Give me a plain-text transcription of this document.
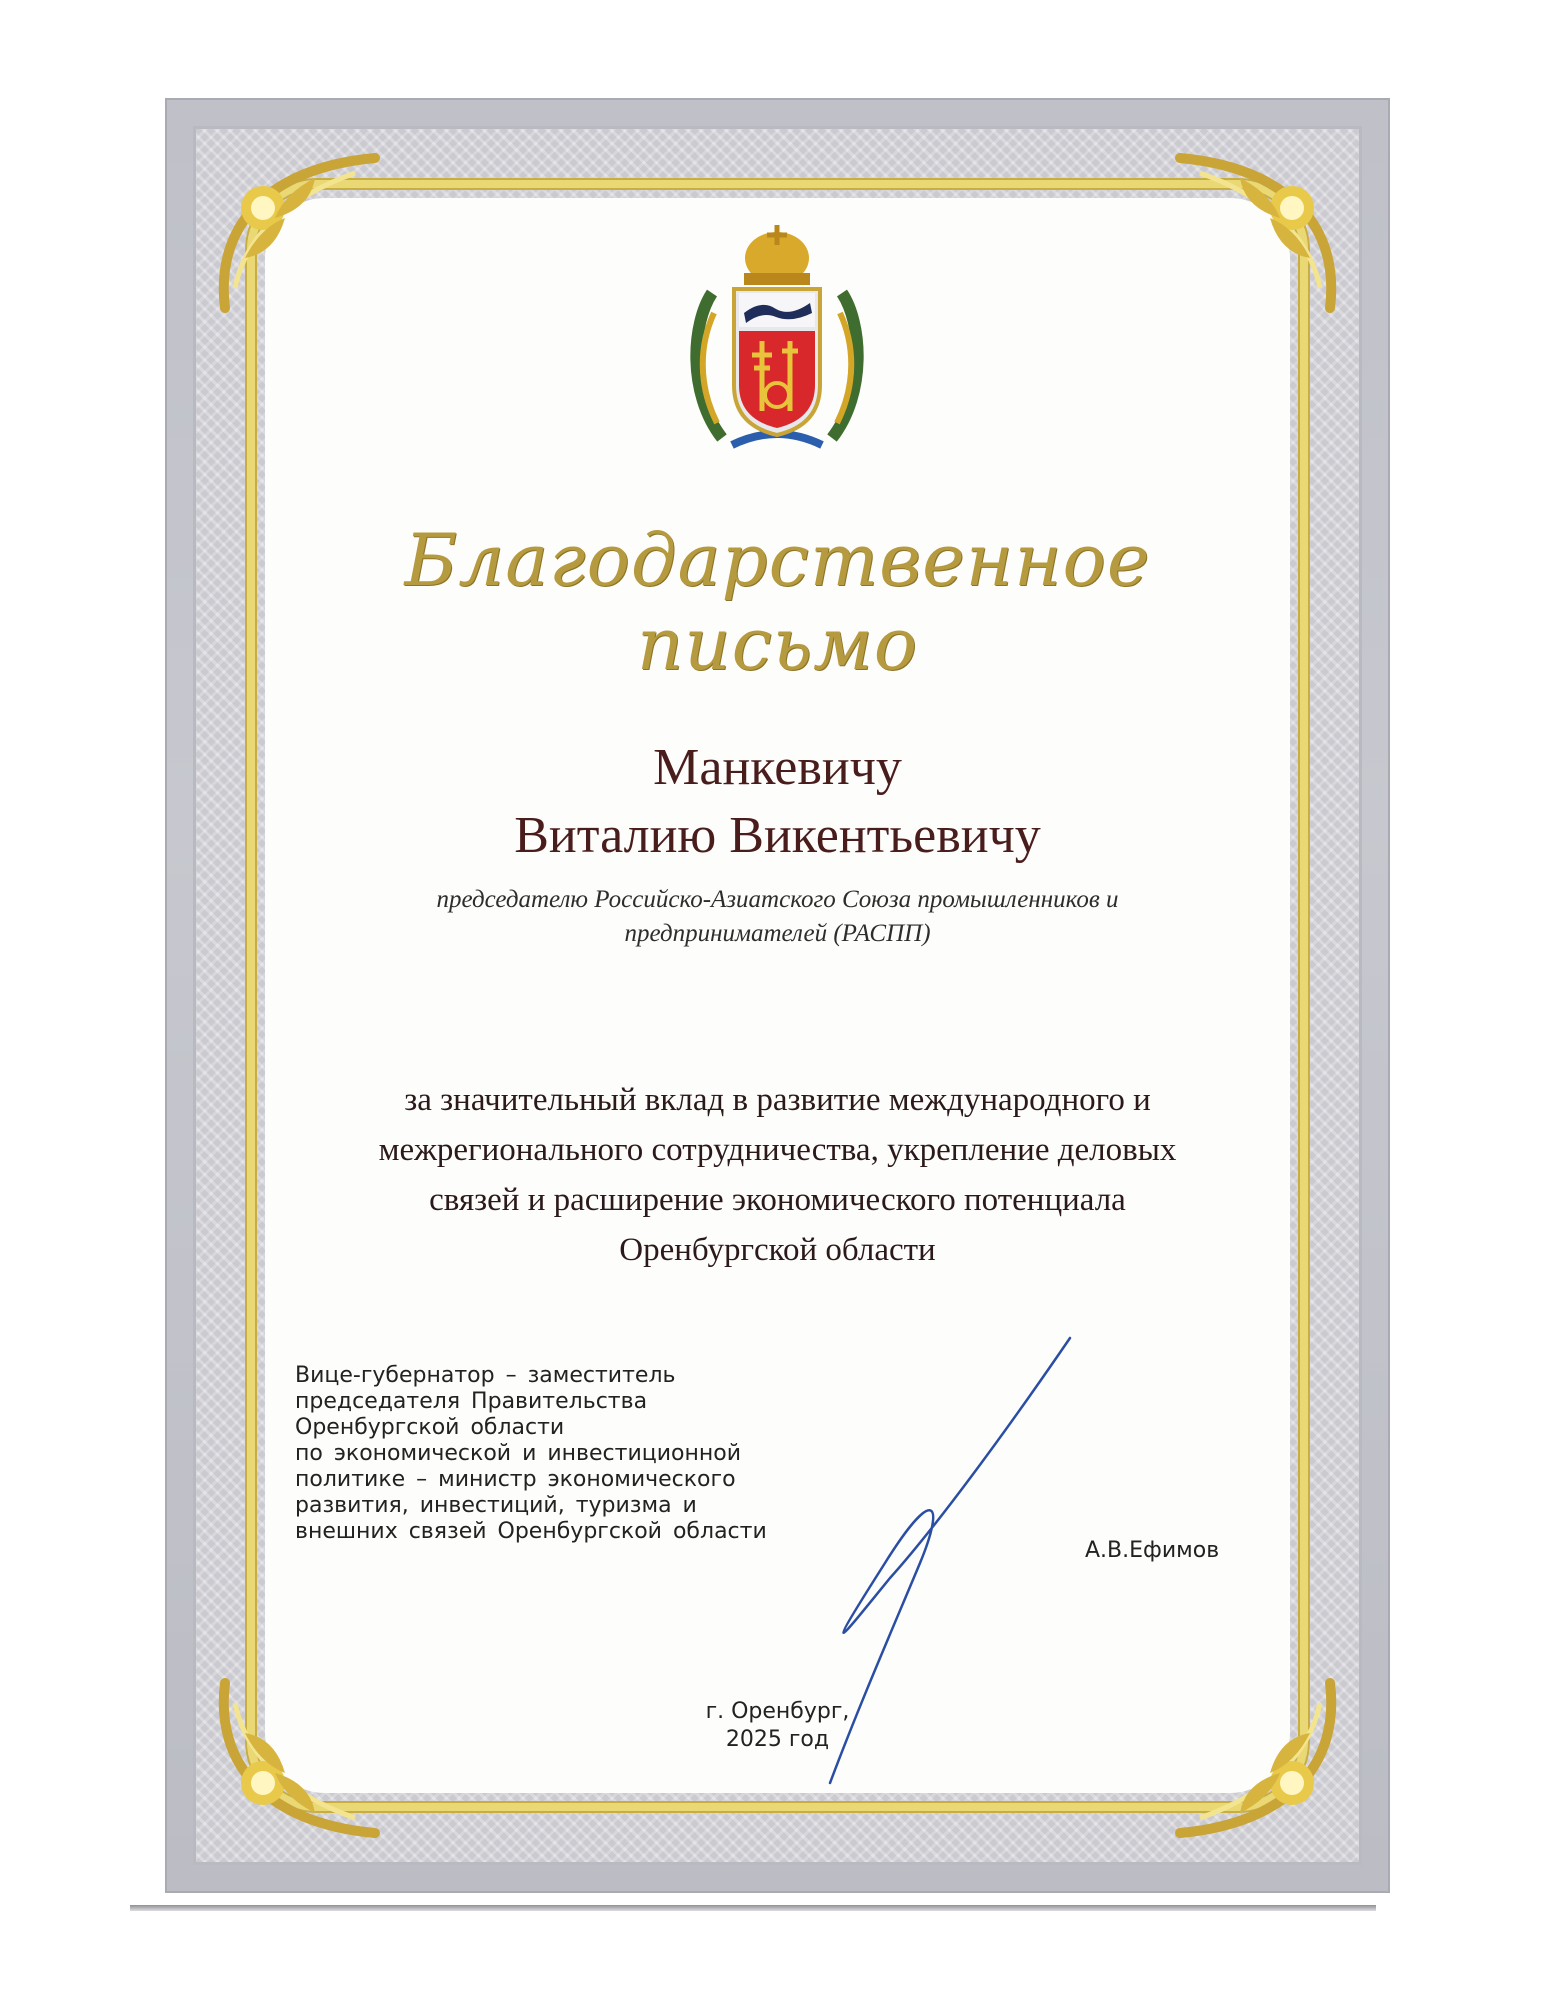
Благодарственное письмо
Манкевичу
Виталию Викентьевичу
председателю Российско-Азиатского Союза промышленников и предпринимателей (РАСПП)
за значительный вклад в развитие международного и межрегионального сотрудничества, укрепление деловых связей и расширение экономического потенциала Оренбургской области
Вице-губернатор – заместитель
председателя Правительства
Оренбургской области
по экономической и инвестиционной
политике – министр экономического
развития, инвестиций, туризма и
внешних связей Оренбургской области
А.В.Ефимов
г. Оренбург,
2025 год
